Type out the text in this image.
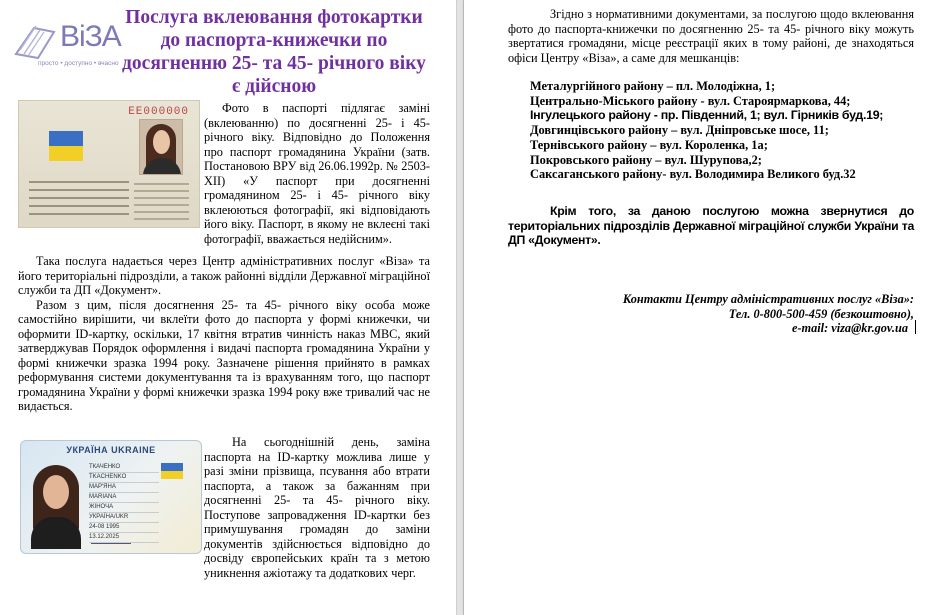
ВіЗА
просто • доступно • вчасно
Послуга вклеювання фотокартки до паспорта-книжечки по досягненню 25- та 45- річного віку є дійсною
ЕЕ000000	Фото в паспорті підлягає заміні (вклеюванню) по досягненні 25- і 45- річного віку. Відповідно до Положення про паспорт громадянина України (затв. Постановою ВРУ від 26.06.1992р. № 2503-XII) «У паспорт при досягненні громадянином 25- і 45- річного віку вклеюються фотографії, які відповідають його віку. Паспорт, в якому не вклеєні такі фотографії, вважається недійсним».

Така послуга надається через Центр адміністративних послуг «Віза» та його територіальні підрозділи, а також районні відділи Державної міграційної служби та ДП «Документ».

Разом з цим, після досягнення 25- та 45- річного віку особа може самостійно вирішити, чи вклеїти фото до паспорта у формі книжечки, чи оформити ID-картку, оскільки, 17 квітня втратив чинність наказ МВС, який затверджував Порядок оформлення і видачі паспорта громадянина України у формі книжечки зразка 1994 року. Зазначене рішення прийнято в рамках реформування системи документування та із врахуванням того, що паспорт громадянина України у формі книжечки зразка 1994 року вже тривалий час не видається.

УКРАЇНА UKRAINE
ТКАЧЕНКО
TKACHENKO
МАР'ЯНА
MARIANA
ЖІНОЧА
УКРАЇНА/UKR
24-08 1995
13.12.2025

На сьогоднішній день, заміна паспорта на ID-картку можлива лише у разі зміни прізвища, псування або втрати паспорта, а також за бажанням при досягненні 25- та 45- річного віку. Поступове запровадження ID-картки без примушування громадян до заміни документів здійснюється відповідно до досвіду європейських країн та з метою уникнення ажіотажу та додаткових черг.

Згідно з нормативними документами, за послугою щодо вклеювання фото до паспорта-книжечки по досягненню 25- та 45- річного віку можуть звертатися громадяни, місце реєстрації яких в тому районі, де знаходяться офіси Центру «Віза», а саме для мешканців:

Металургійного району – пл. Молодіжна, 1;
Центрально-Міського району - вул. Староярмаркова, 44;
Інгулецького району - пр. Південний, 1; вул. Гірників буд.19;
Довгинцівського району – вул. Дніпровське шосе, 11;
Тернівського району – вул. Короленка, 1а;
Покровського району – вул. Шурупова,2;
Саксаганського району- вул. Володимира Великого буд.32

Крім того, за даною послугою можна звернутися до територіальних підрозділів Державної міграційної служби України та ДП «Документ».

Контакти Центру адміністративних послуг «Віза»:
Тел. 0-800-500-459 (безкоштовно),
e-mail: viza@kr.gov.ua
